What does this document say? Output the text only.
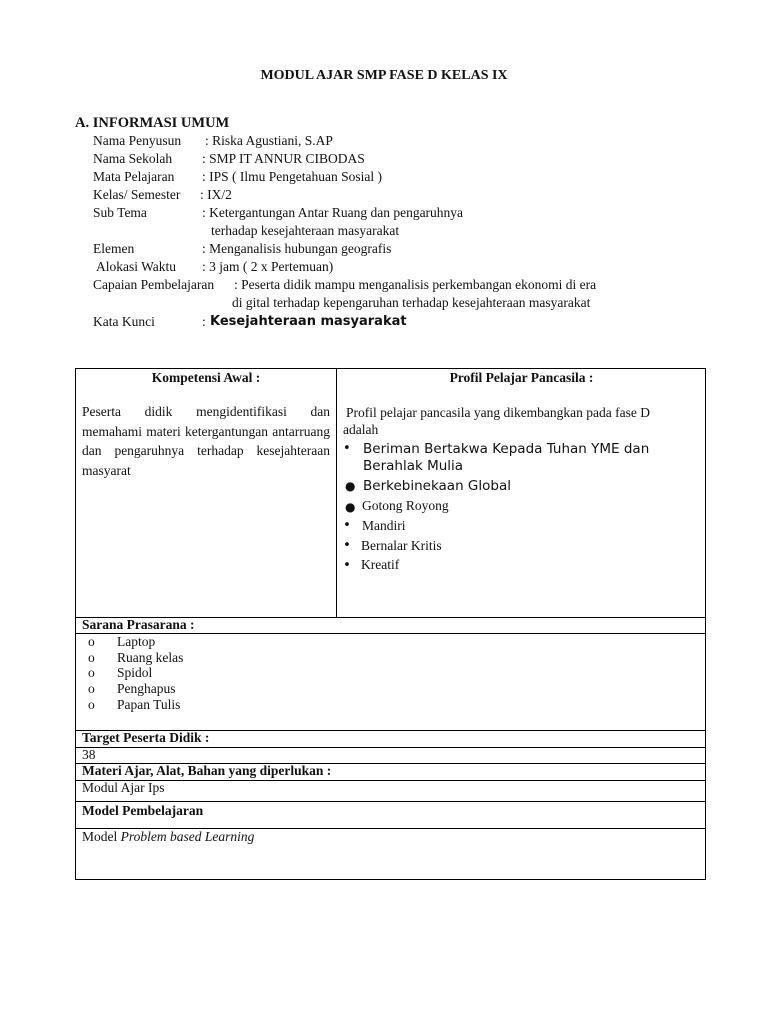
MODUL AJAR SMP FASE D KELAS IX
A. INFORMASI UMUM
Nama Penyusun : Riska Agustiani, S.AP
Nama Sekolah : SMP IT ANNUR CIBODAS
Mata Pelajaran : IPS ( Ilmu Pengetahuan Sosial )
Kelas/ Semester : IX/2
Sub Tema	: Ketergantungan Antar Ruang dan pengaruhnya
terhadap kesejahteraan masyarakat
Elemen	: Menganalisis hubungan geografis
Alokasi Waktu : 3 jam ( 2 x Pertemuan)
Capaian Pembelajaran : Peserta didik mampu menganalisis perkembangan ekonomi di era
di gital terhadap kepengaruhan terhadap kesejahteraan masyarakat
Kata Kunci	: Kesejahteraan masyarakat
Kompetensi Awal :
Peserta didik mengidentifikasi dan memahami materi ketergantungan antarruang dan pengaruhnya terhadap kesejahteraan masyarat
Profil Pelajar Pancasila :
Profil pelajar pancasila yang dikembangkan pada fase D
adalah
• Beriman Bertakwa Kepada Tuhan YME dan
Berahlak Mulia
● Berkebinekaan Global
● Gotong Royong
• Mandiri
• Bernalar Kritis
• Kreatif
Sarana Prasarana :
o Laptop
o Ruang kelas
o Spidol
o Penghapus
o Papan Tulis
Target Peserta Didik :
38
Materi Ajar, Alat, Bahan yang diperlukan :
Modul Ajar Ips
Model Pembelajaran
Model Problem based Learning
